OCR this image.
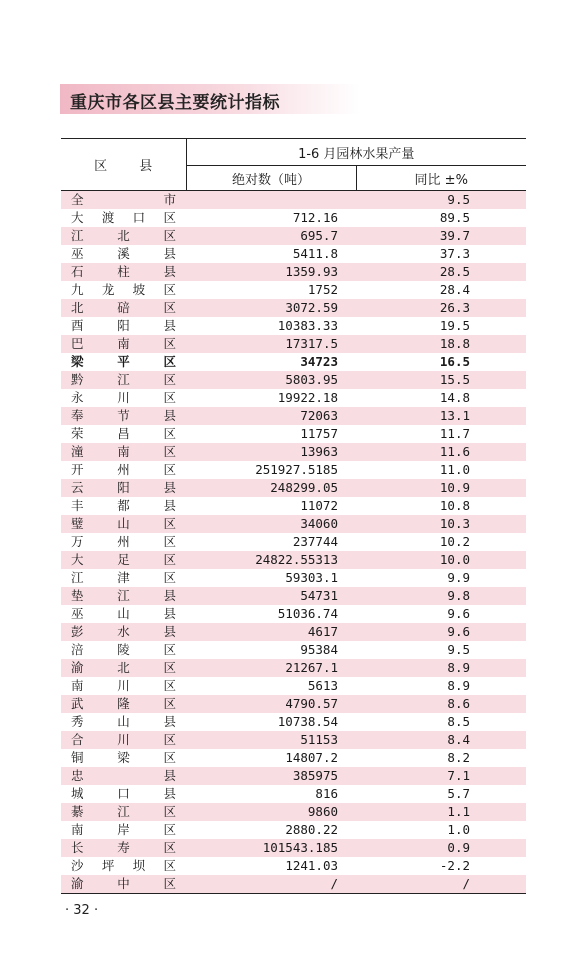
重庆市各区县主要统计指标
区 县	1-6 月园林水果产量	
	绝对数（吨）	同比 ±%

全 市		9.5

大 渡 口 区	712.16	89.5

江 北 区	695.7	39.7

巫 溪 县	5411.8	37.3

石 柱 县	1359.93	28.5

九 龙 坡 区	1752	28.4

北 碚 区	3072.59	26.3

酉 阳 县	10383.33	19.5

巴 南 区	17317.5	18.8

梁 平 区	34723	16.5

黔 江 区	5803.95	15.5

永 川 区	19922.18	14.8

奉 节 县	72063	13.1

荣 昌 区	11757	11.7

潼 南 区	13963	11.6

开 州 区	251927.5185	11.0

云 阳 县	248299.05	10.9

丰 都 县	11072	10.8

璧 山 区	34060	10.3

万 州 区	237744	10.2

大 足 区	24822.55313	10.0

江 津 区	59303.1	9.9

垫 江 县	54731	9.8

巫 山 县	51036.74	9.6

彭 水 县	4617	9.6

涪 陵 区	95384	9.5

渝 北 区	21267.1	8.9

南 川 区	5613	8.9

武 隆 区	4790.57	8.6

秀 山 县	10738.54	8.5

合 川 区	51153	8.4

铜 梁 区	14807.2	8.2

忠 县	385975	7.1

城 口 县	816	5.7

綦 江 区	9860	1.1

南 岸 区	2880.22	1.0

长 寿 区	101543.185	0.9

沙 坪 坝 区	1241.03	-2.2

渝 中 区	/	/
· 32 ·
